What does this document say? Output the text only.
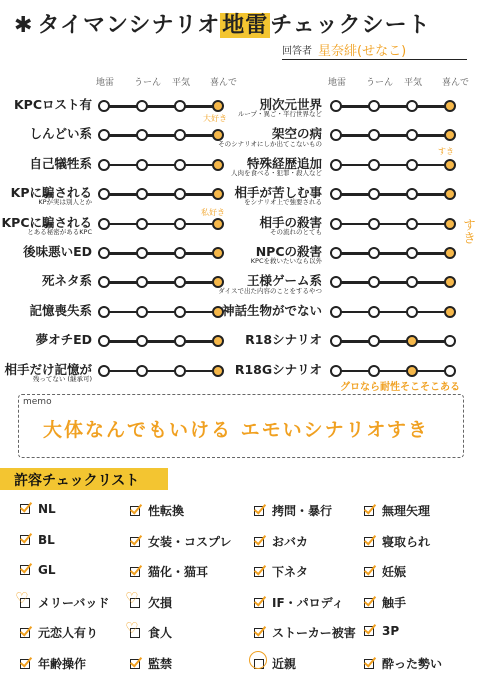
✱ タイマンシナリオ地雷チェックシート
回答者 星奈緋(せなこ)
地雷 うーん 平気 喜んで	地雷 うーん 平気 喜んで
KPCロスト有
しんどい系
自己犠牲系
KPに騙される
KPが実は別人とか
KPCに騙される
とある秘密があるKPC
後味悪いED
死ネタ系
記憶喪失系
夢オチED
相手だけ記憶が
残ってない (継承可)
別次元世界
ループ・異ご・平行世界など
架空の病
そのシナリオにしか出てこないもの
特殊経歴追加
人肉を食べる・犯罪・殺人など
相手が苦しむ事
をシナリオ上で強要される
相手の殺害
その流れのとても
NPCの殺害
KPCを救いたいなら以外
王様ゲーム系
ダイスで出た内容のことをするやつ
神話生物がでない
R18シナリオ
R18Gシナリオ
大好き
私好き
すき
すき
グロなら耐性そこそこある
memo
大体なんでもいける エモいシナリオすき
許容チェックリスト
NL
BL
GL
メリーバッド
♡
元恋人有り
年齢操作
性転換
女装・コスプレ
猫化・猫耳
欠損
♡
食人
♡
監禁
拷問・暴行
おバカ
下ネタ
IF・パロディ
ストーカー被害
近親
無理矢理
寝取られ
妊娠
触手
3P
酔った勢い
